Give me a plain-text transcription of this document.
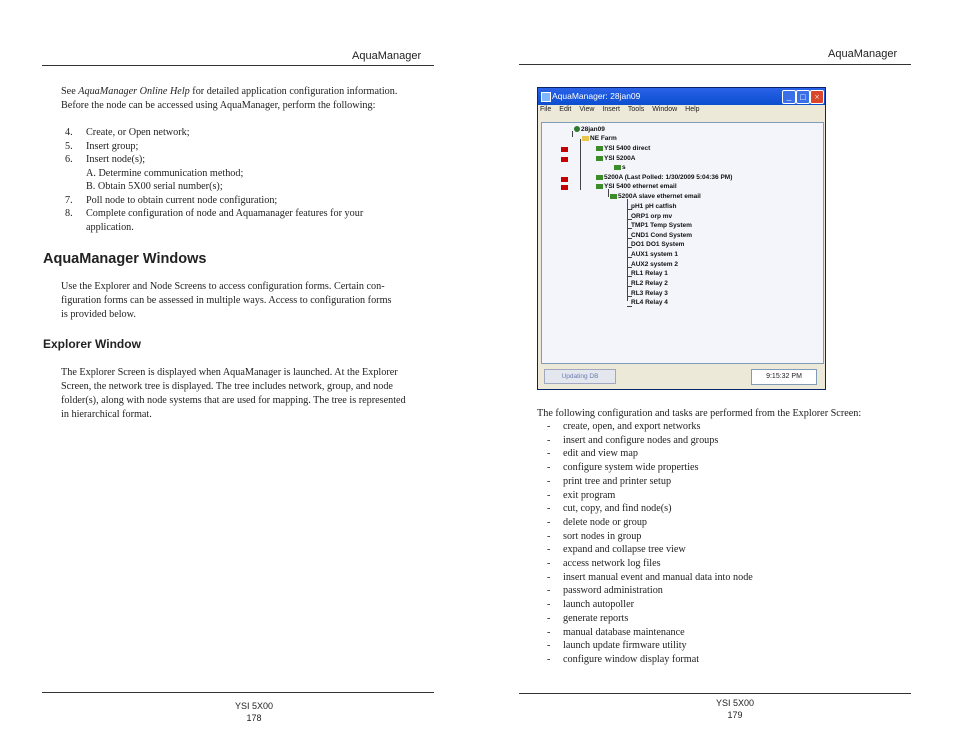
AquaManager
See AquaManager Online Help for detailed application configuration information.
Before the node can be accessed using AquaManager, perform the following:
4. Create, or Open network;
5. Insert group;
6. Insert node(s);
A. Determine communication method;
B. Obtain 5X00 serial number(s);
7. Poll node to obtain current node configuration;
8. Complete configuration of node and Aquamanager features for your
application.
AquaManager Windows
Use the Explorer and Node Screens to access configuration forms. Certain con-
figuration forms can be assessed in multiple ways. Access to configuration forms
is provided below.
Explorer Window
The Explorer Screen is displayed when AquaManager is launched. At the Explorer
Screen, the network tree is displayed. The tree includes network, group, and node
folder(s), along with node systems that are used for mapping. The tree is represented
in hierarchical format.
YSI 5X00
178
AquaManager
AquaManager: 28jan09	_	□ ×
File Edit View Insert Tools Window Help
28jan09
NE Farm
YSI 5400 direct
YSI 5200A
s
5200A (Last Polled: 1/30/2009 5:04:36 PM)
YSI 5400 ethernet email
5200A slave ethernet email
pH1 pH catfish
ORP1 orp mv
TMP1 Temp System
CND1 Cond System
DO1 DO1 System
AUX1 system 1
AUX2 system 2
RL1 Relay 1
RL2 Relay 2
RL3 Relay 3
RL4 Relay 4
Updating DB	9:15:32 PM
The following configuration and tasks are performed from the Explorer Screen:
- create, open, and export networks
- insert and configure nodes and groups
- edit and view map
- configure system wide properties
- print tree and printer setup
- exit program
- cut, copy, and find node(s)
- delete node or group
- sort nodes in group
- expand and collapse tree view
- access network log files
- insert manual event and manual data into node
- password administration
- launch autopoller
- generate reports
- manual database maintenance
- launch update firmware utility
- configure window display format
YSI 5X00
179
